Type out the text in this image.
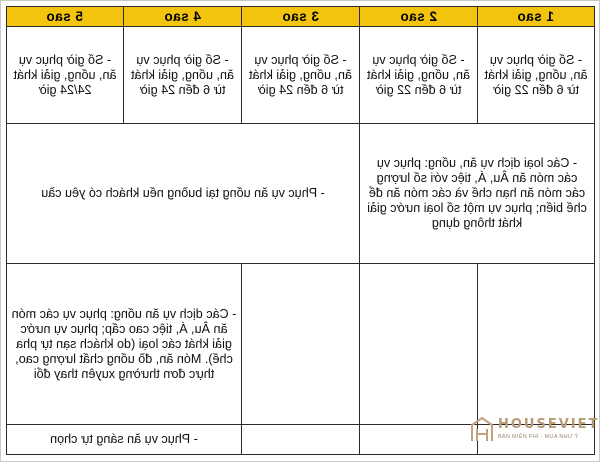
5 sao	4 sao	3 sao	2 sao	1 sao

- Số giờ phục vụ ăn, uống, giải khát 24/24 giờ	- Số giờ phục vụ ăn, uống, giải khát từ 6 đến 24 giờ	- Số giờ phục vụ ăn, uống, giải khát từ 6 đến 24 giờ	- Số giờ phục vụ ăn, uống, giải khát từ 6 đến 22 giờ	- Số giờ phục vụ ăn, uống, giải khát từ 6 đến 22 giờ

- Phục vụ ăn uống tại buồng nếu khách có yêu cầu			- Các loại dịch vụ ăn, uống: phục vụ các món ăn Âu, Á, tiệc với số lượng các món ăn hạn chế và các món ăn để chế biến; phục vụ một số loại nước giải khát thông dụng	

- Các dịch vụ ăn uống: phục vụ các món ăn Âu, Á, tiệc cao cấp; phục vụ nước giải khát các loại (do khách sạn tự pha chế). Món ăn, đồ uống chất lượng cao, thực đơn thường xuyên thay đổi				

- Phục vụ ăn sáng tự chọn				

HOUSEVIET
BẢN MIỄN PHÍ - MUA NHƯ Ý
